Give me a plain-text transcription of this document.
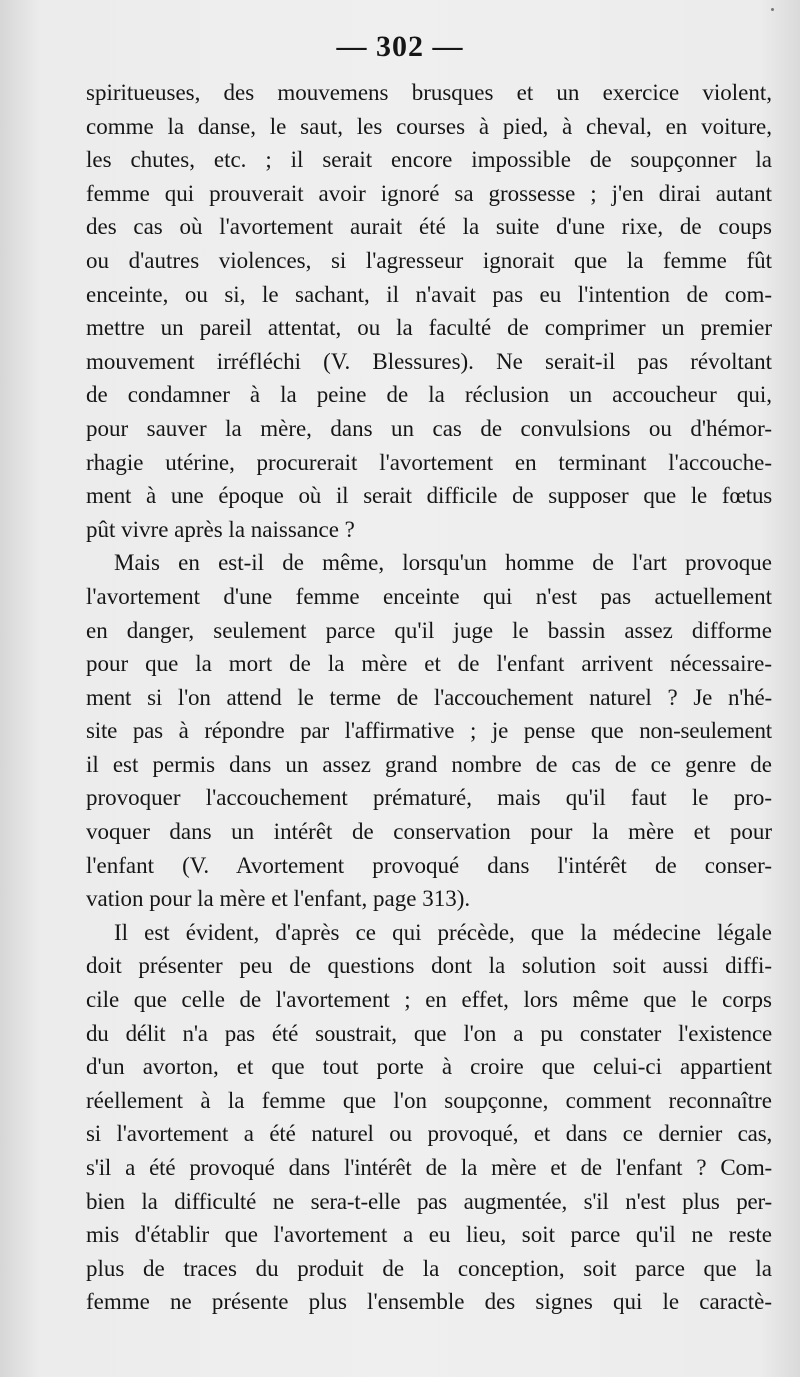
— 302 —
spiritueuses, des mouvemens brusques et un exercice violent,
comme la danse, le saut, les courses à pied, à cheval, en voiture,
les chutes, etc. ; il serait encore impossible de soupçonner la
femme qui prouverait avoir ignoré sa grossesse ; j'en dirai autant
des cas où l'avortement aurait été la suite d'une rixe, de coups
ou d'autres violences, si l'agresseur ignorait que la femme fût
enceinte, ou si, le sachant, il n'avait pas eu l'intention de com-
mettre un pareil attentat, ou la faculté de comprimer un premier
mouvement irréfléchi (V. Blessures). Ne serait-il pas révoltant
de condamner à la peine de la réclusion un accoucheur qui,
pour sauver la mère, dans un cas de convulsions ou d'hémor-
rhagie utérine, procurerait l'avortement en terminant l'accouche-
ment à une époque où il serait difficile de supposer que le fœtus
pût vivre après la naissance ?
Mais en est-il de même, lorsqu'un homme de l'art provoque
l'avortement d'une femme enceinte qui n'est pas actuellement
en danger, seulement parce qu'il juge le bassin assez difforme
pour que la mort de la mère et de l'enfant arrivent nécessaire-
ment si l'on attend le terme de l'accouchement naturel ? Je n'hé-
site pas à répondre par l'affirmative ; je pense que non-seulement
il est permis dans un assez grand nombre de cas de ce genre de
provoquer l'accouchement prématuré, mais qu'il faut le pro-
voquer dans un intérêt de conservation pour la mère et pour
l'enfant (V. Avortement provoqué dans l'intérêt de conser-
vation pour la mère et l'enfant, page 313).
Il est évident, d'après ce qui précède, que la médecine légale
doit présenter peu de questions dont la solution soit aussi diffi-
cile que celle de l'avortement ; en effet, lors même que le corps
du délit n'a pas été soustrait, que l'on a pu constater l'existence
d'un avorton, et que tout porte à croire que celui-ci appartient
réellement à la femme que l'on soupçonne, comment reconnaître
si l'avortement a été naturel ou provoqué, et dans ce dernier cas,
s'il a été provoqué dans l'intérêt de la mère et de l'enfant ? Com-
bien la difficulté ne sera-t-elle pas augmentée, s'il n'est plus per-
mis d'établir que l'avortement a eu lieu, soit parce qu'il ne reste
plus de traces du produit de la conception, soit parce que la
femme ne présente plus l'ensemble des signes qui le caractè-
